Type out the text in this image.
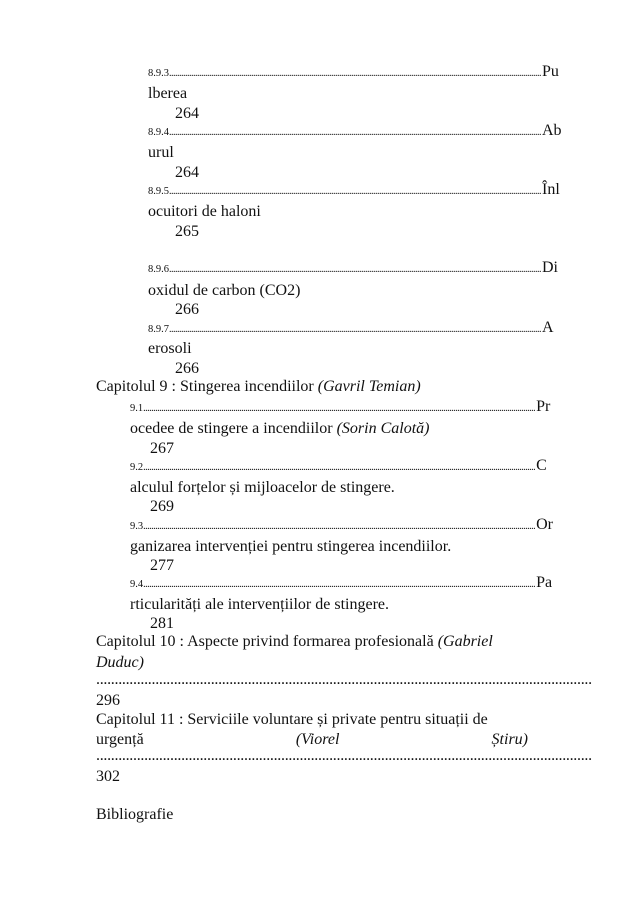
8.9.3 .......................................................................................................................................................................................... Pu
lberea
264
8.9.4 .......................................................................................................................................................................................... Ab
urul
264
8.9.5 .......................................................................................................................................................................................... Înl
ocuitori de haloni
265
8.9.6 .......................................................................................................................................................................................... Di
oxidul de carbon (CO2)
266
8.9.7 .......................................................................................................................................................................................... A
erosoli
266
Capitolul 9 : Stingerea incendiilor (Gavril Temian)
9.1 .................................................................................................................................................................................................... Pr
ocedee de stingere a incendiilor (Sorin Calotă)
267
9.2 .................................................................................................................................................................................................... C
alculul forțelor și mijloacelor de stingere.
269
9.3 .................................................................................................................................................................................................... Or
ganizarea intervenției pentru stingerea incendiilor.
277
9.4 .................................................................................................................................................................................................... Pa
rticularități ale intervențiilor de stingere.
281
Capitolul 10 : Aspecte privind formarea profesională (Gabriel
Duduc)
......................................................................................................................................
296
Capitolul 11 : Serviciile voluntare și private pentru situații de
urgență	(Viorel	Știru)
......................................................................................................................................
302
Bibliografie
